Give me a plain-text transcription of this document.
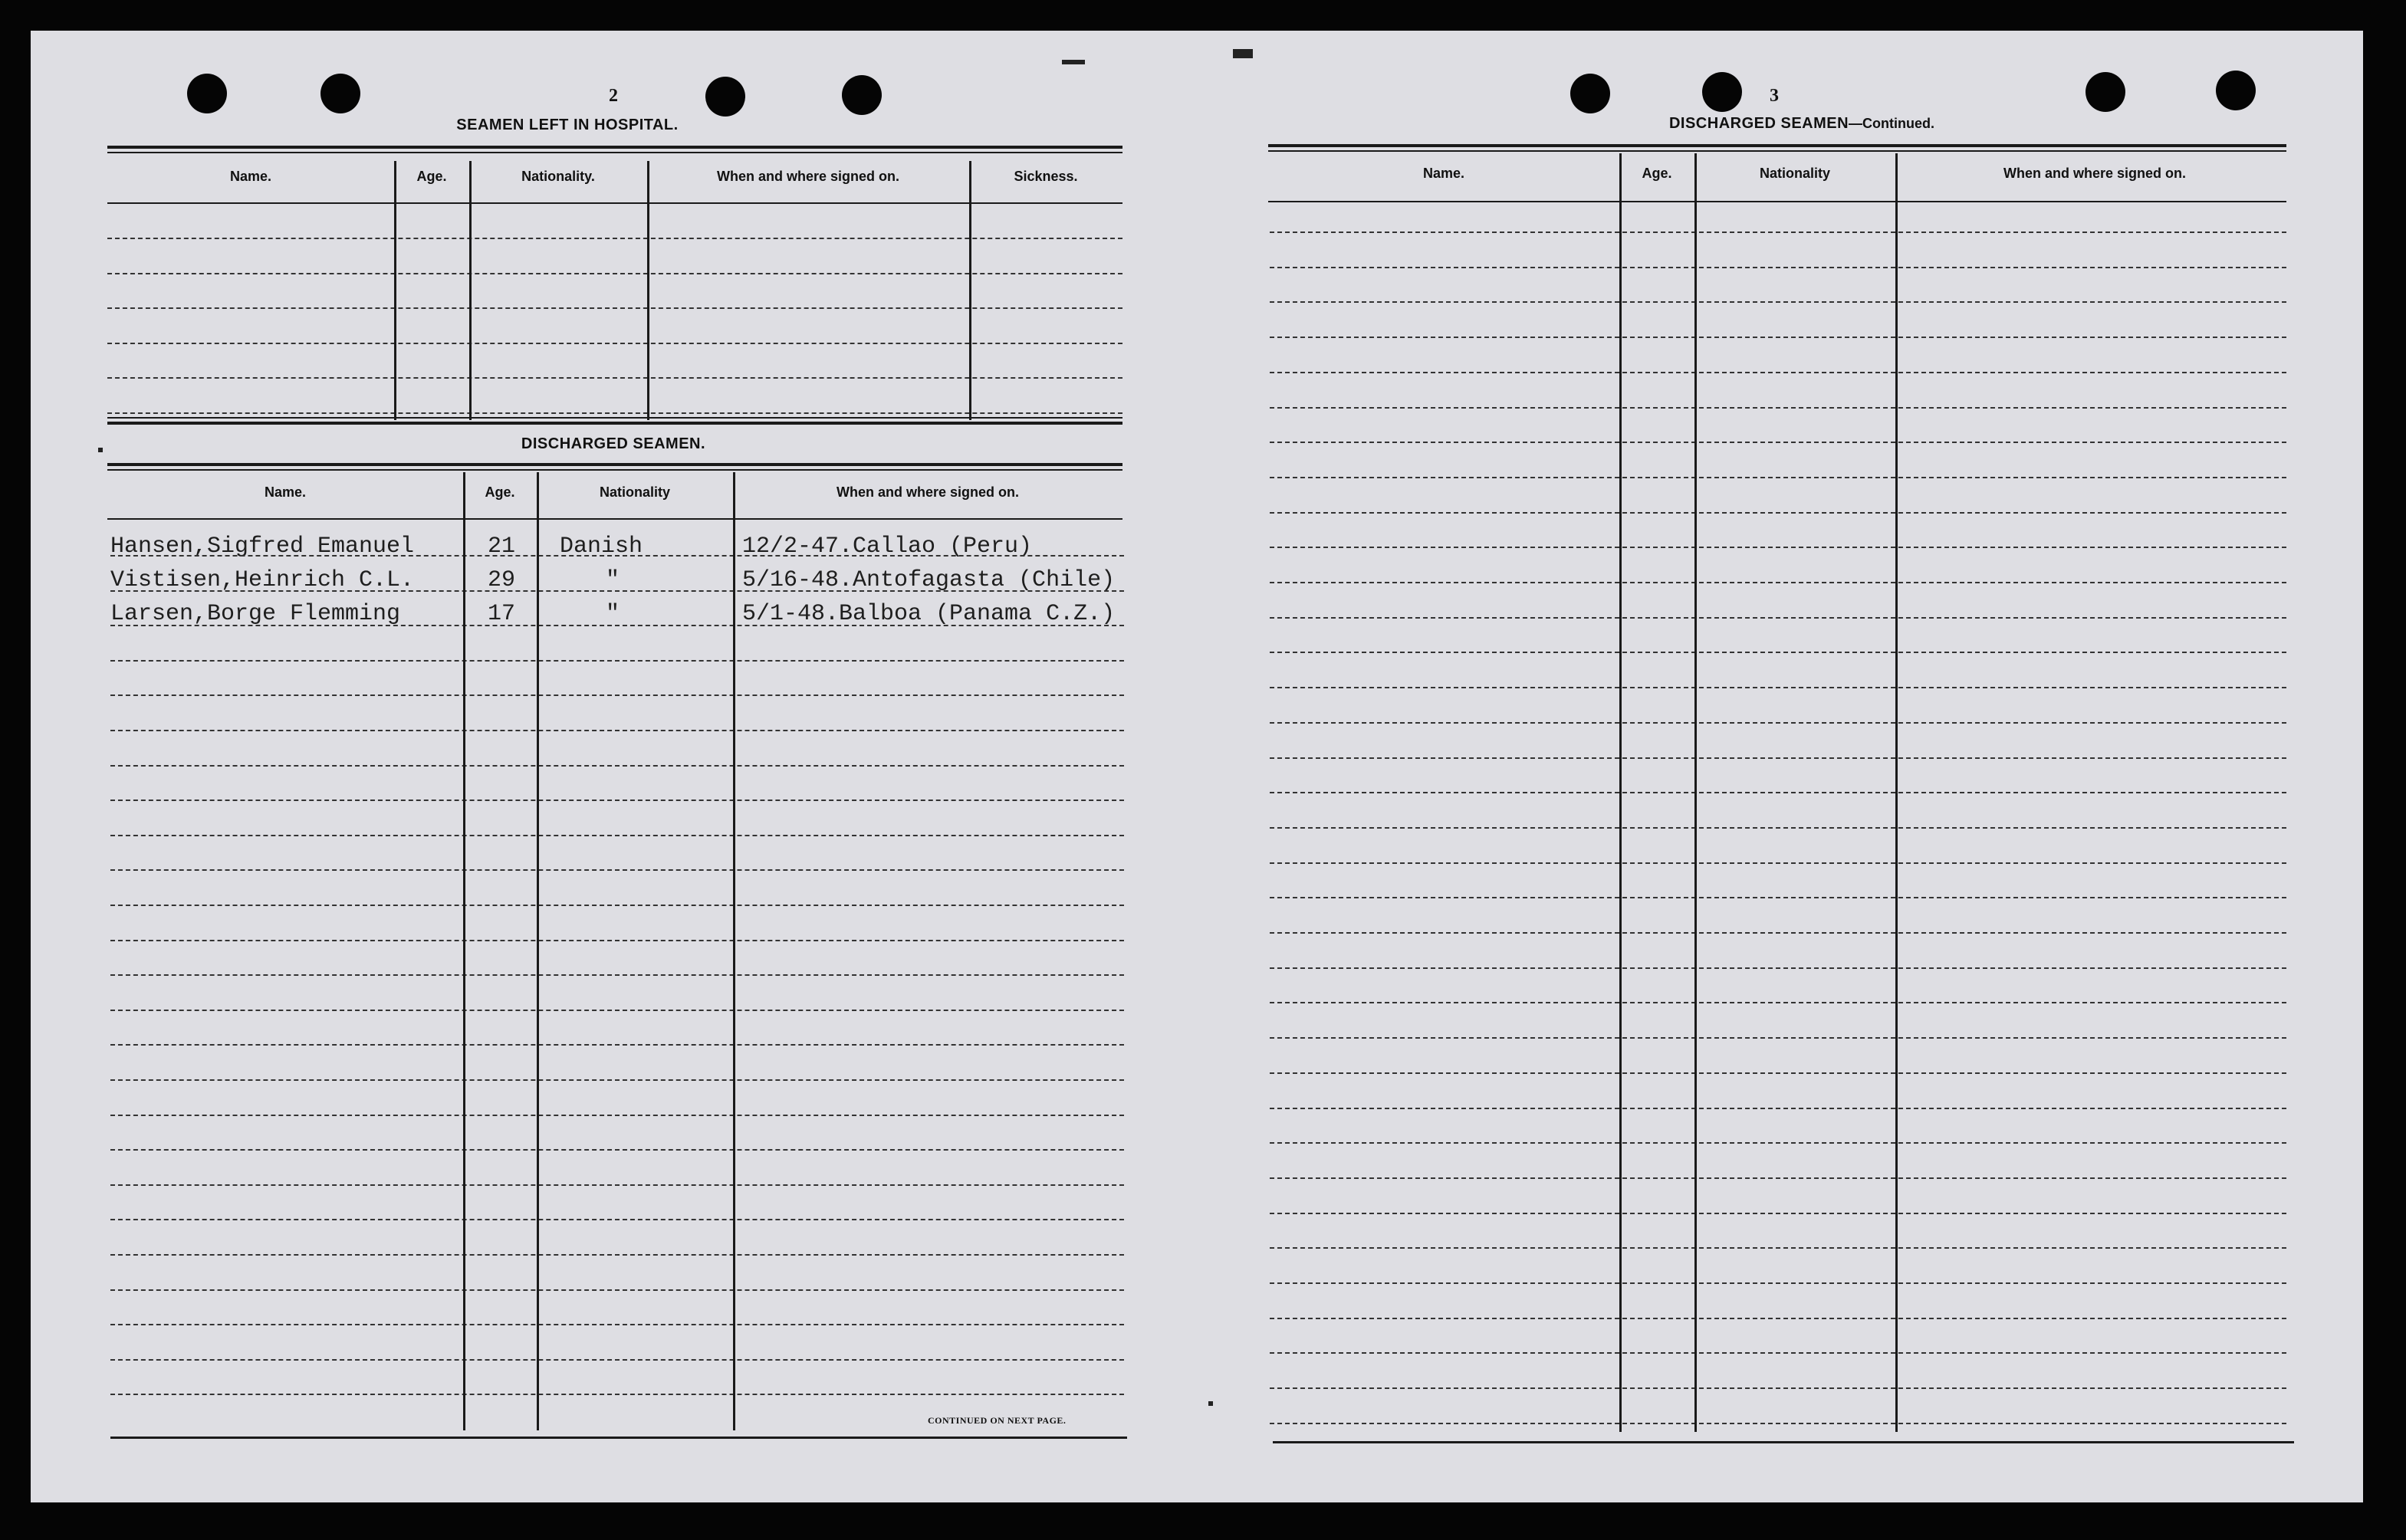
2
SEAMEN LEFT IN HOSPITAL.
Name.	Age.	Nationality.	When and where signed on.	Sickness.
DISCHARGED SEAMEN.
Name.	Age.	Nationality	When and where signed on.
Hansen,Sigfred Emanuel	21 Danish	12/2-47.Callao (Peru)
Vistisen,Heinrich C.L.	29	"	5/16-48.Antofagasta (Chile)
Larsen,Borge Flemming	17	"	5/1-48.Balboa (Panama C.Z.)
CONTINUED ON NEXT PAGE.
3
DISCHARGED SEAMEN—Continued.
Name.	Age.	Nationality	When and where signed on.
